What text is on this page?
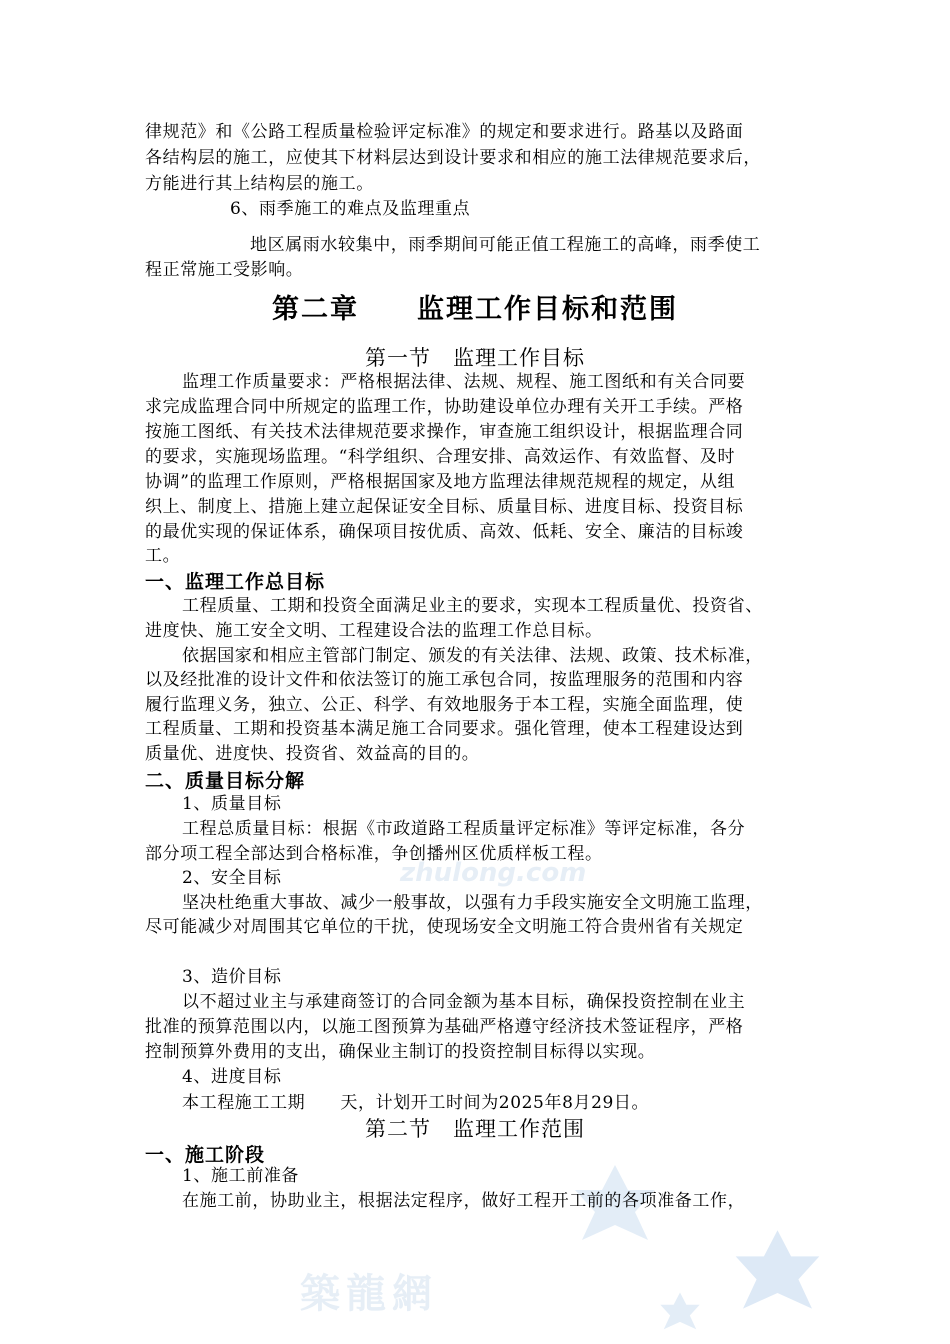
zhulong.com
築龍網
律规范》和《公路工程质量检验评定标准》的规定和要求进行。路基以及路面
各结构层的施工，应使其下材料层达到设计要求和相应的施工法律规范要求后，
方能进行其上结构层的施工。
6、雨季施工的难点及监理重点
地区属雨水较集中，雨季期间可能正值工程施工的高峰，雨季使工
程正常施工受影响。
第二章　　监理工作目标和范围
第一节　监理工作目标
监理工作质量要求：严格根据法律、法规、规程、施工图纸和有关合同要
求完成监理合同中所规定的监理工作，协助建设单位办理有关开工手续。严格
按施工图纸、有关技术法律规范要求操作，审查施工组织设计，根据监理合同
的要求，实施现场监理。“科学组织、合理安排、高效运作、有效监督、及时
协调”的监理工作原则，严格根据国家及地方监理法律规范规程的规定，从组
织上、制度上、措施上建立起保证安全目标、质量目标、进度目标、投资目标
的最优实现的保证体系，确保项目按优质、高效、低耗、安全、廉洁的目标竣
工。
一、监理工作总目标
工程质量、工期和投资全面满足业主的要求，实现本工程质量优、投资省、
进度快、施工安全文明、工程建设合法的监理工作总目标。
依据国家和相应主管部门制定、颁发的有关法律、法规、政策、技术标准，
以及经批准的设计文件和依法签订的施工承包合同，按监理服务的范围和内容
履行监理义务，独立、公正、科学、有效地服务于本工程，实施全面监理，使
工程质量、工期和投资基本满足施工合同要求。强化管理，使本工程建设达到
质量优、进度快、投资省、效益高的目的。
二、质量目标分解
1、质量目标
工程总质量目标：根据《市政道路工程质量评定标准》等评定标准，各分
部分项工程全部达到合格标准，争创播州区优质样板工程。
2、安全目标
坚决杜绝重大事故、减少一般事故，以强有力手段实施安全文明施工监理，
尽可能减少对周围其它单位的干扰，使现场安全文明施工符合贵州省有关规定
3、造价目标
以不超过业主与承建商签订的合同金额为基本目标，确保投资控制在业主
批准的预算范围以内，以施工图预算为基础严格遵守经济技术签证程序，严格
控制预算外费用的支出，确保业主制订的投资控制目标得以实现。
4、进度目标
本工程施工工期　　天，计划开工时间为2025年8月29日。
第二节　监理工作范围
一、施工阶段
1、施工前准备
在施工前，协助业主，根据法定程序，做好工程开工前的各项准备工作，
